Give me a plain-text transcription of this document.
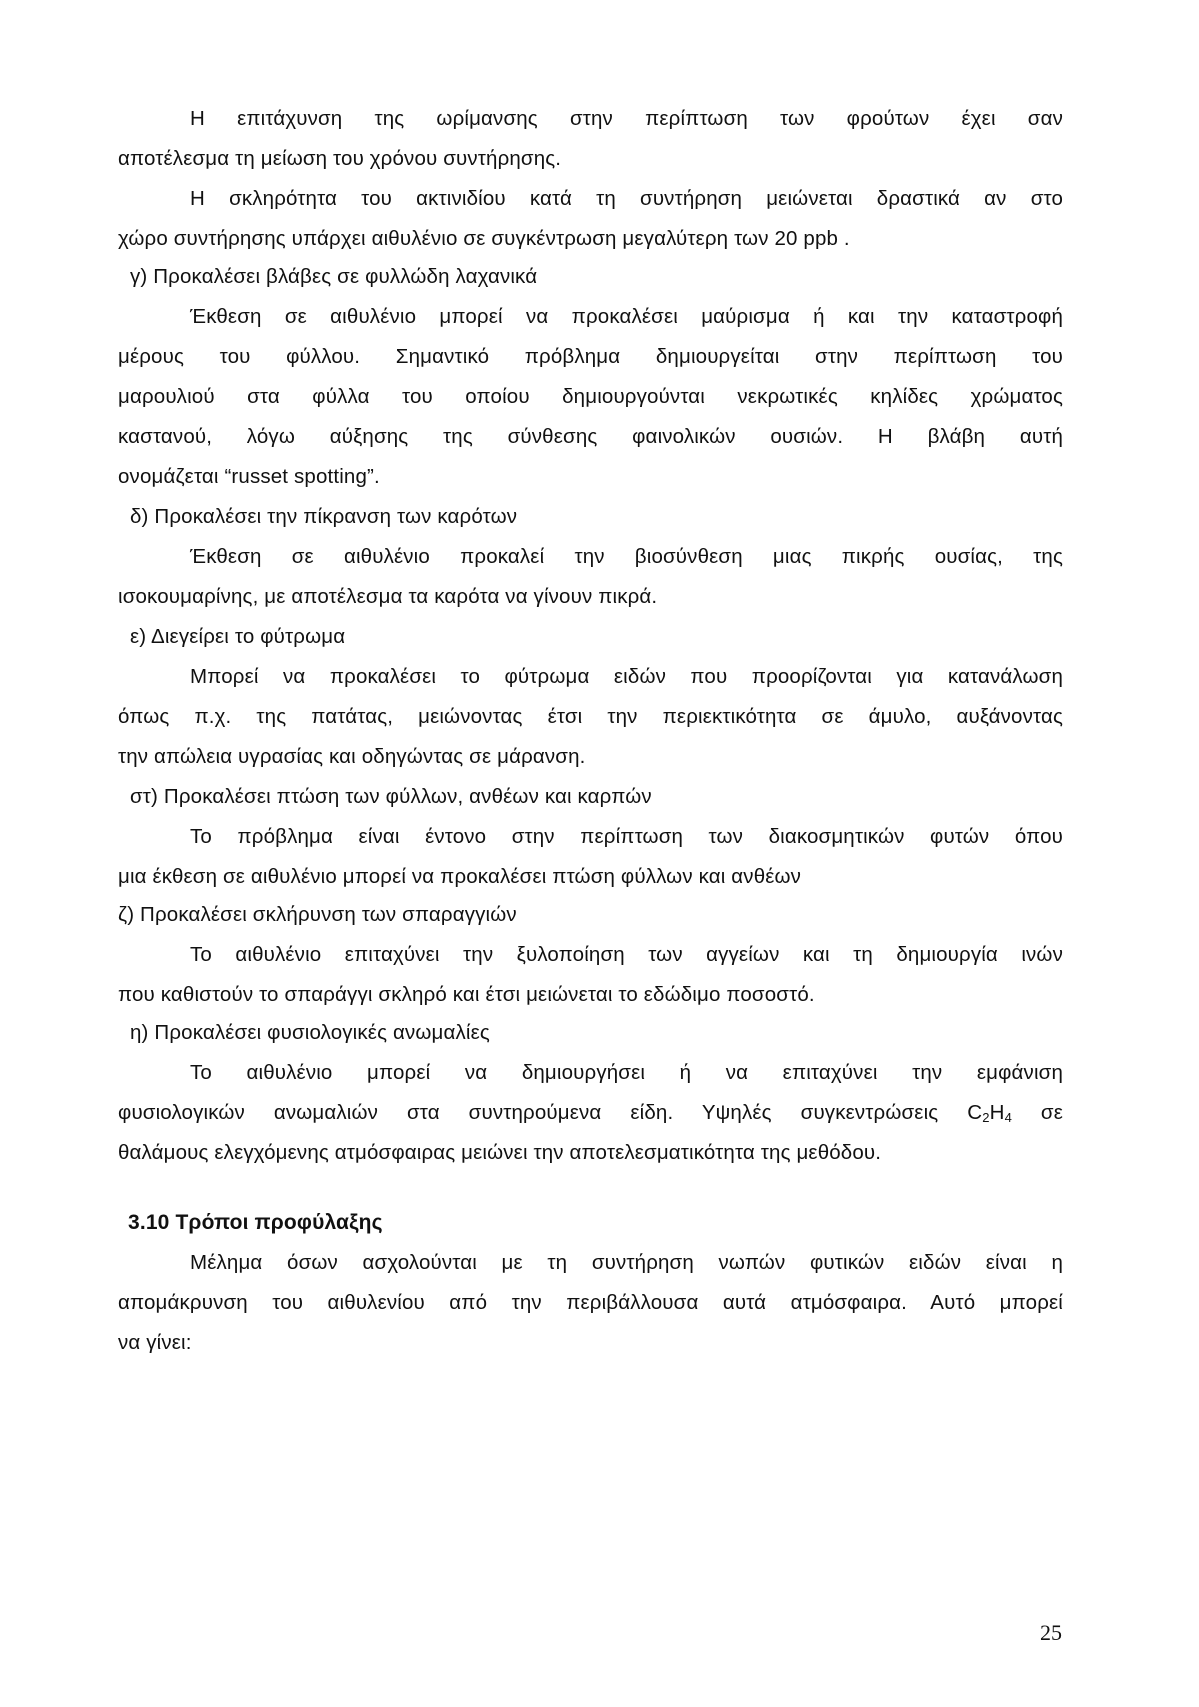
Η επιτάχυνση της ωρίμανσης στην περίπτωση των φρούτων έχει σαν
αποτέλεσμα τη μείωση του χρόνου συντήρησης.
Η σκληρότητα του ακτινιδίου κατά τη συντήρηση μειώνεται δραστικά αν στο
χώρο συντήρησης υπάρχει αιθυλένιο σε συγκέντρωση μεγαλύτερη των 20 ppb .
γ) Προκαλέσει βλάβες σε φυλλώδη λαχανικά
Έκθεση σε αιθυλένιο μπορεί να προκαλέσει μαύρισμα ή και την καταστροφή
μέρους του φύλλου. Σημαντικό πρόβλημα δημιουργείται στην περίπτωση του
μαρουλιού στα φύλλα του οποίου δημιουργούνται νεκρωτικές κηλίδες χρώματος
καστανού, λόγω αύξησης της σύνθεσης φαινολικών ουσιών. Η βλάβη αυτή
ονομάζεται “russet spotting”.
δ) Προκαλέσει την πίκρανση των καρότων
Έκθεση σε αιθυλένιο προκαλεί την βιοσύνθεση μιας πικρής ουσίας, της
ισοκουμαρίνης, με αποτέλεσμα τα καρότα να γίνουν πικρά.
ε) Διεγείρει το φύτρωμα
Μπορεί να προκαλέσει το φύτρωμα ειδών που προορίζονται για κατανάλωση
όπως π.χ. της πατάτας, μειώνοντας έτσι την περιεκτικότητα σε άμυλο, αυξάνοντας
την απώλεια υγρασίας και οδηγώντας σε μάρανση.
στ) Προκαλέσει πτώση των φύλλων, ανθέων και καρπών
Το πρόβλημα είναι έντονο στην περίπτωση των διακοσμητικών φυτών όπου
μια έκθεση σε αιθυλένιο μπορεί να προκαλέσει πτώση φύλλων και ανθέων
ζ) Προκαλέσει σκλήρυνση των σπαραγγιών
Το αιθυλένιο επιταχύνει την ξυλοποίηση των αγγείων και τη δημιουργία ινών
που καθιστούν το σπαράγγι σκληρό και έτσι μειώνεται το εδώδιμο ποσοστό.
η) Προκαλέσει φυσιολογικές ανωμαλίες
Το αιθυλένιο μπορεί να δημιουργήσει ή να επιταχύνει την εμφάνιση
φυσιολογικών ανωμαλιών στα συντηρούμενα είδη. Υψηλές συγκεντρώσεις $C_2H_4$ σε
θαλάμους ελεγχόμενης ατμόσφαιρας μειώνει την αποτελεσματικότητα της μεθόδου.
3.10 Τρόποι προφύλαξης
Μέλημα όσων ασχολούνται με τη συντήρηση νωπών φυτικών ειδών είναι η
απομάκρυνση του αιθυλενίου από την περιβάλλουσα αυτά ατμόσφαιρα. Αυτό μπορεί
να γίνει:
25
